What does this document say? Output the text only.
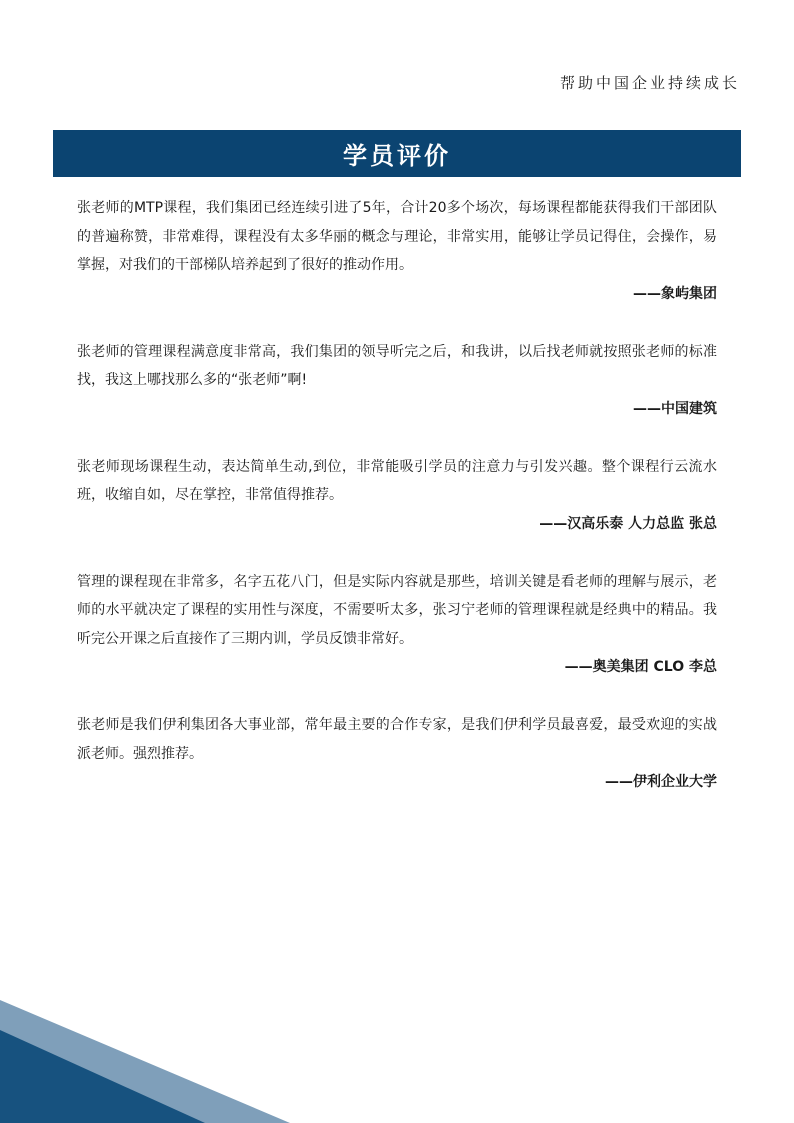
帮助中国企业持续成长
学员评价

张老师的MTP课程，我们集团已经连续引进了5年，合计20多个场次，每场课程都能获得我们干部团队的普遍称赞，非常难得，课程没有太多华丽的概念与理论，非常实用，能够让学员记得住，会操作，易掌握，对我们的干部梯队培养起到了很好的推动作用。

——象屿集团

张老师的管理课程满意度非常高，我们集团的领导听完之后，和我讲，以后找老师就按照张老师的标准找，我这上哪找那么多的“张老师”啊!

——中国建筑

张老师现场课程生动，表达简单生动,到位，非常能吸引学员的注意力与引发兴趣。整个课程行云流水班，收缩自如，尽在掌控，非常值得推荐。

——汉高乐泰 人力总监 张总

管理的课程现在非常多，名字五花八门，但是实际内容就是那些，培训关键是看老师的理解与展示，老师的水平就决定了课程的实用性与深度，不需要听太多，张习宁老师的管理课程就是经典中的精品。我听完公开课之后直接作了三期内训，学员反馈非常好。

——奥美集团 CLO 李总

张老师是我们伊利集团各大事业部，常年最主要的合作专家，是我们伊利学员最喜爱，最受欢迎的实战派老师。强烈推荐。

——伊利企业大学
